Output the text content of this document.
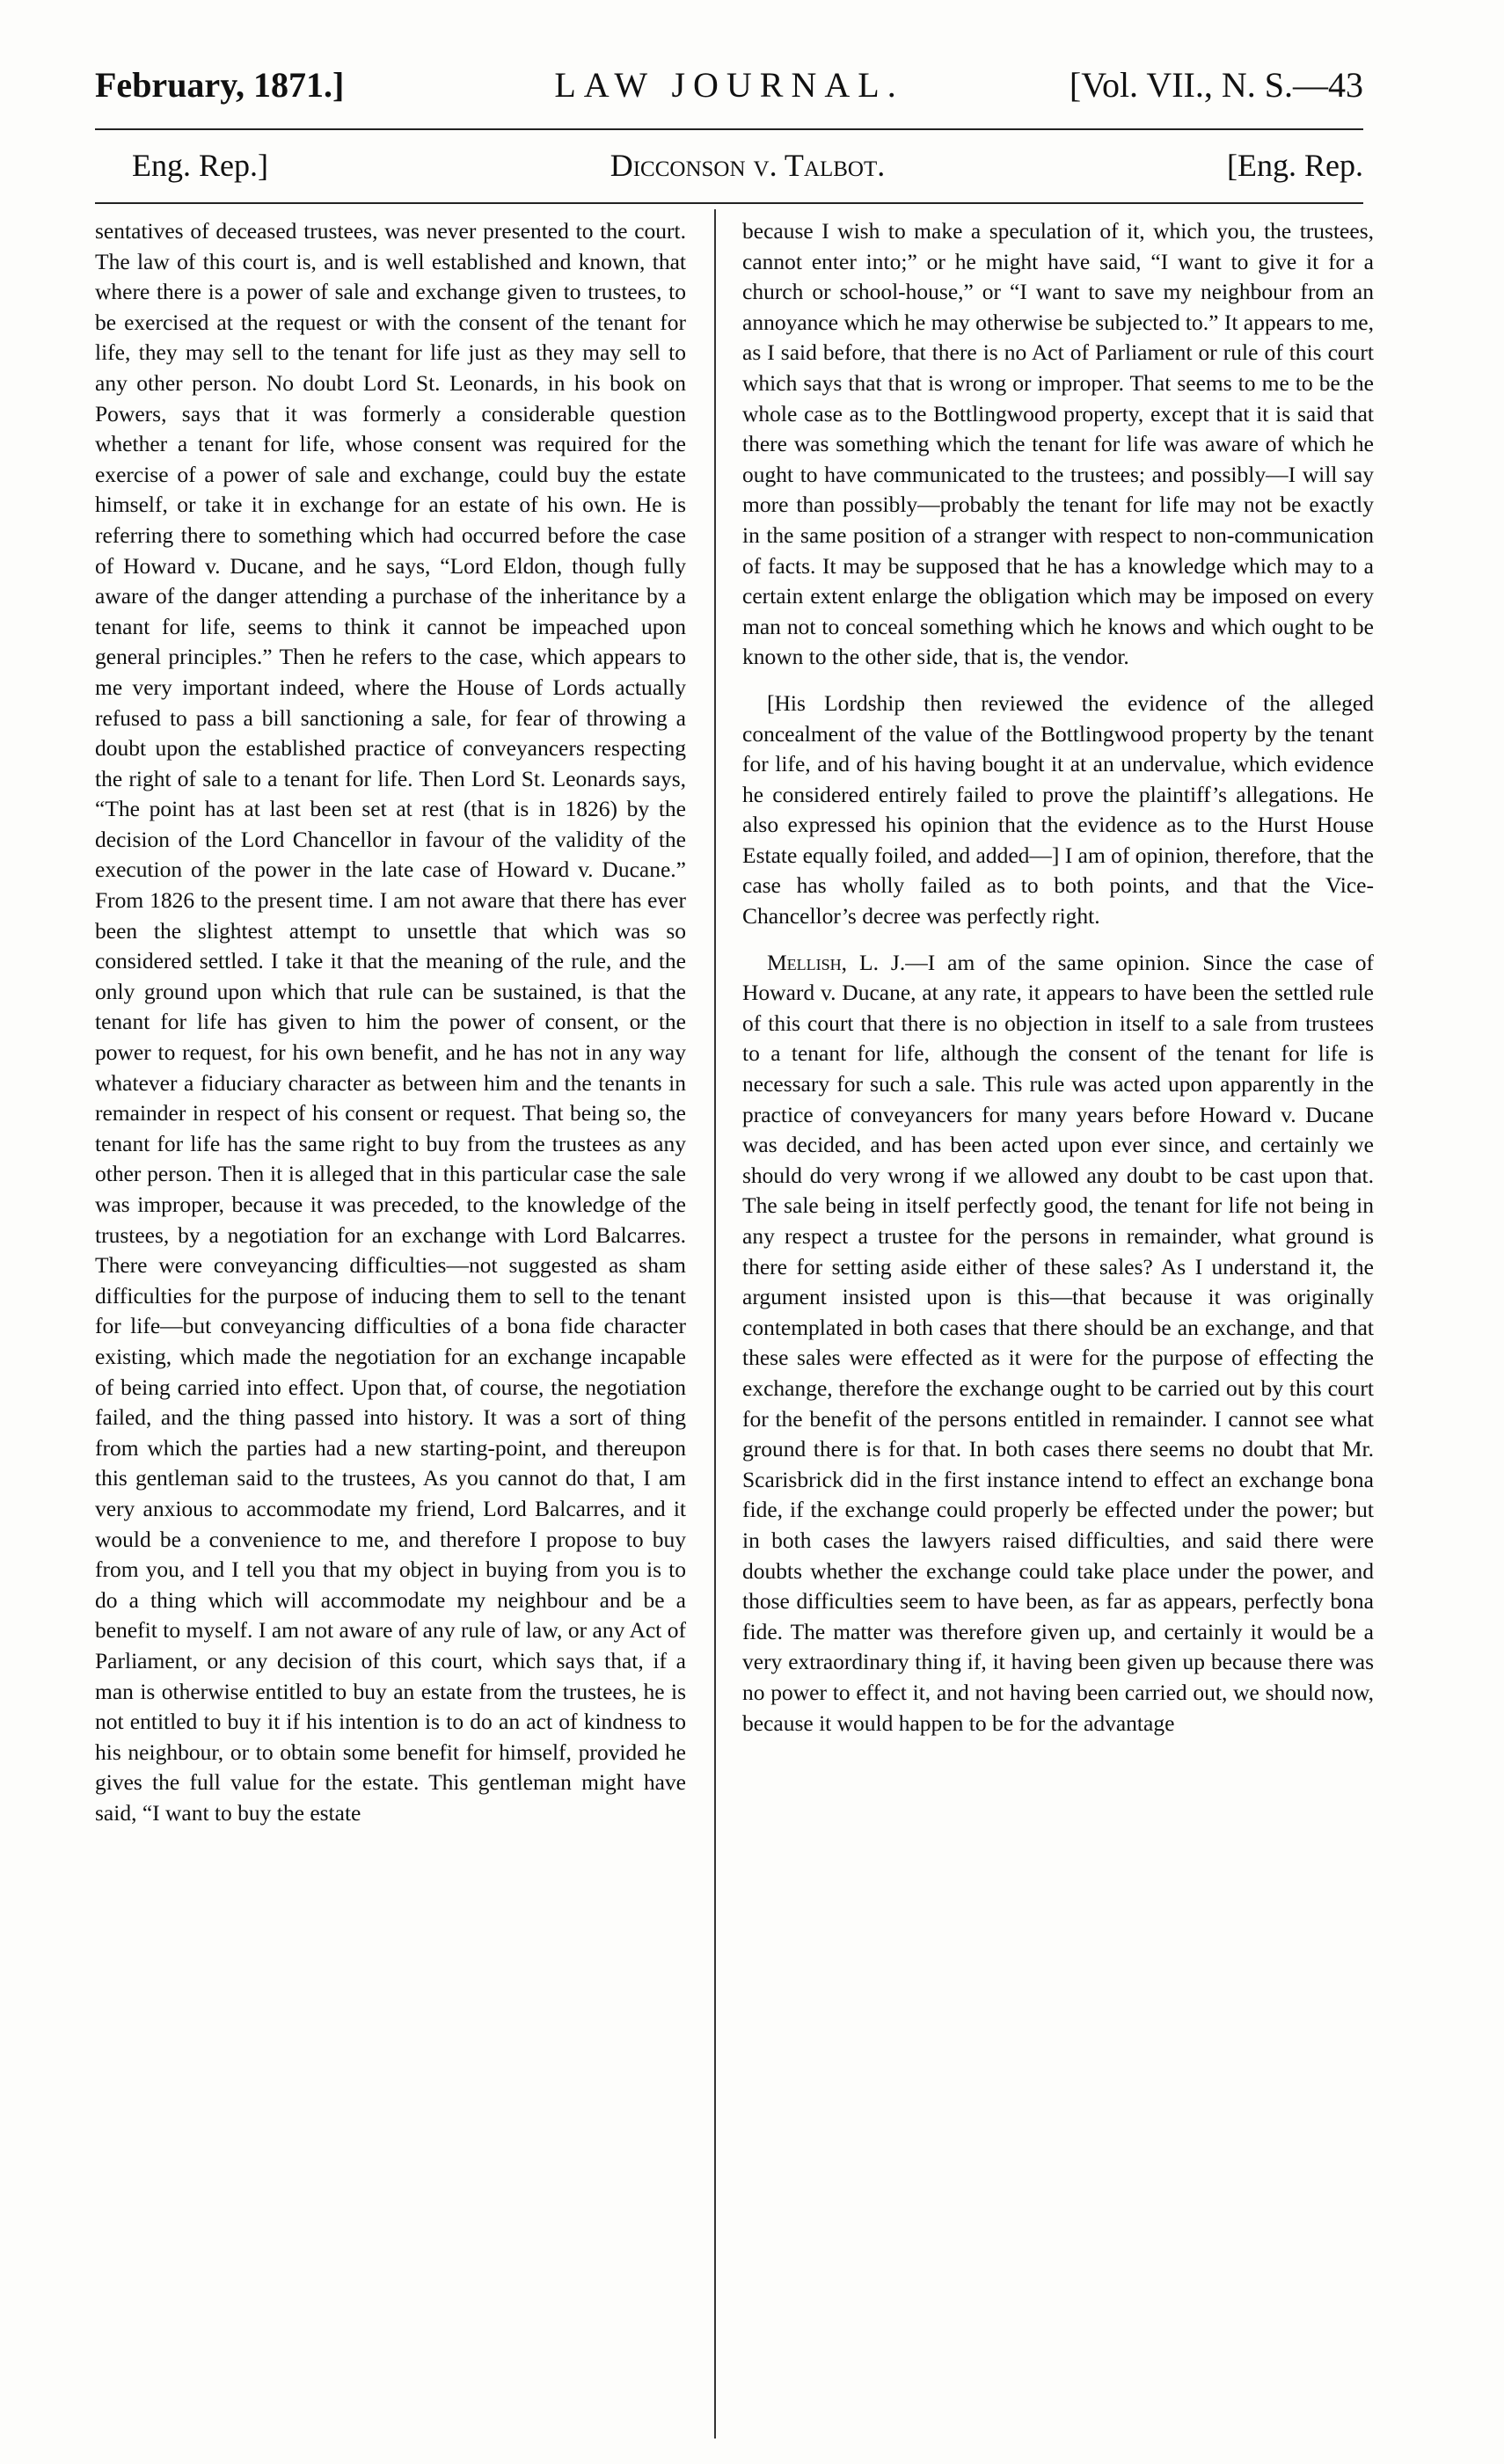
February, 1871.]	LAW JOURNAL.	[Vol. VII., N. S.—43
Eng. Rep.]	Dicconson v. Talbot.	[Eng. Rep.

sentatives of deceased trustees, was never presented to the court. The law of this court is, and is well established and known, that where there is a power of sale and exchange given to trustees, to be exercised at the request or with the consent of the tenant for life, they may sell to the tenant for life just as they may sell to any other person. No doubt Lord St. Leonards, in his book on Powers, says that it was formerly a considerable question whether a tenant for life, whose consent was required for the exercise of a power of sale and exchange, could buy the estate himself, or take it in exchange for an estate of his own. He is referring there to something which had occurred before the case of Howard v. Ducane, and he says, “Lord Eldon, though fully aware of the danger attending a purchase of the inheritance by a tenant for life, seems to think it cannot be impeached upon general principles.” Then he refers to the case, which appears to me very important indeed, where the House of Lords actually refused to pass a bill sanctioning a sale, for fear of throwing a doubt upon the established practice of conveyancers respecting the right of sale to a tenant for life. Then Lord St. Leonards says, “The point has at last been set at rest (that is in 1826) by the decision of the Lord Chancellor in favour of the validity of the execution of the power in the late case of Howard v. Ducane.” From 1826 to the present time. I am not aware that there has ever been the slightest attempt to unsettle that which was so considered settled. I take it that the meaning of the rule, and the only ground upon which that rule can be sustained, is that the tenant for life has given to him the power of consent, or the power to request, for his own benefit, and he has not in any way whatever a fiduciary character as between him and the tenants in remainder in respect of his consent or request. That being so, the tenant for life has the same right to buy from the trustees as any other person. Then it is alleged that in this particular case the sale was improper, because it was preceded, to the knowledge of the trustees, by a negotiation for an exchange with Lord Balcarres. There were conveyancing difficulties—not suggested as sham difficulties for the purpose of inducing them to sell to the tenant for life—but conveyancing difficulties of a bona fide character existing, which made the negotiation for an exchange incapable of being carried into effect. Upon that, of course, the negotiation failed, and the thing passed into history. It was a sort of thing from which the parties had a new starting-point, and thereupon this gentleman said to the trustees, As you cannot do that, I am very anxious to accommodate my friend, Lord Balcarres, and it would be a convenience to me, and therefore I propose to buy from you, and I tell you that my object in buying from you is to do a thing which will accommodate my neighbour and be a benefit to myself. I am not aware of any rule of law, or any Act of Parliament, or any decision of this court, which says that, if a man is otherwise entitled to buy an estate from the trustees, he is not entitled to buy it if his intention is to do an act of kindness to his neighbour, or to obtain some benefit for himself, provided he gives the full value for the estate. This gentleman might have said, “I want to buy the estate

because I wish to make a speculation of it, which you, the trustees, cannot enter into;” or he might have said, “I want to give it for a church or school-house,” or “I want to save my neighbour from an annoyance which he may otherwise be subjected to.” It appears to me, as I said before, that there is no Act of Parliament or rule of this court which says that that is wrong or improper. That seems to me to be the whole case as to the Bottlingwood property, except that it is said that there was something which the tenant for life was aware of which he ought to have communicated to the trustees; and possibly—I will say more than possibly—probably the tenant for life may not be exactly in the same position of a stranger with respect to non-communication of facts. It may be supposed that he has a knowledge which may to a certain extent enlarge the obligation which may be imposed on every man not to conceal something which he knows and which ought to be known to the other side, that is, the vendor.

[His Lordship then reviewed the evidence of the alleged concealment of the value of the Bottlingwood property by the tenant for life, and of his having bought it at an undervalue, which evidence he considered entirely failed to prove the plaintiff’s allegations. He also expressed his opinion that the evidence as to the Hurst House Estate equally foiled, and added—] I am of opinion, therefore, that the case has wholly failed as to both points, and that the Vice-Chancellor’s decree was perfectly right.

Mellish, L. J.—I am of the same opinion. Since the case of Howard v. Ducane, at any rate, it appears to have been the settled rule of this court that there is no objection in itself to a sale from trustees to a tenant for life, although the consent of the tenant for life is necessary for such a sale. This rule was acted upon apparently in the practice of conveyancers for many years before Howard v. Ducane was decided, and has been acted upon ever since, and certainly we should do very wrong if we allowed any doubt to be cast upon that. The sale being in itself perfectly good, the tenant for life not being in any respect a trustee for the persons in remainder, what ground is there for setting aside either of these sales? As I understand it, the argument insisted upon is this—that because it was originally contemplated in both cases that there should be an exchange, and that these sales were effected as it were for the purpose of effecting the exchange, therefore the exchange ought to be carried out by this court for the benefit of the persons entitled in remainder. I cannot see what ground there is for that. In both cases there seems no doubt that Mr. Scarisbrick did in the first instance intend to effect an exchange bona fide, if the exchange could properly be effected under the power; but in both cases the lawyers raised difficulties, and said there were doubts whether the exchange could take place under the power, and those difficulties seem to have been, as far as appears, perfectly bona fide. The matter was therefore given up, and certainly it would be a very extraordinary thing if, it having been given up because there was no power to effect it, and not having been carried out, we should now, because it would happen to be for the advantage
